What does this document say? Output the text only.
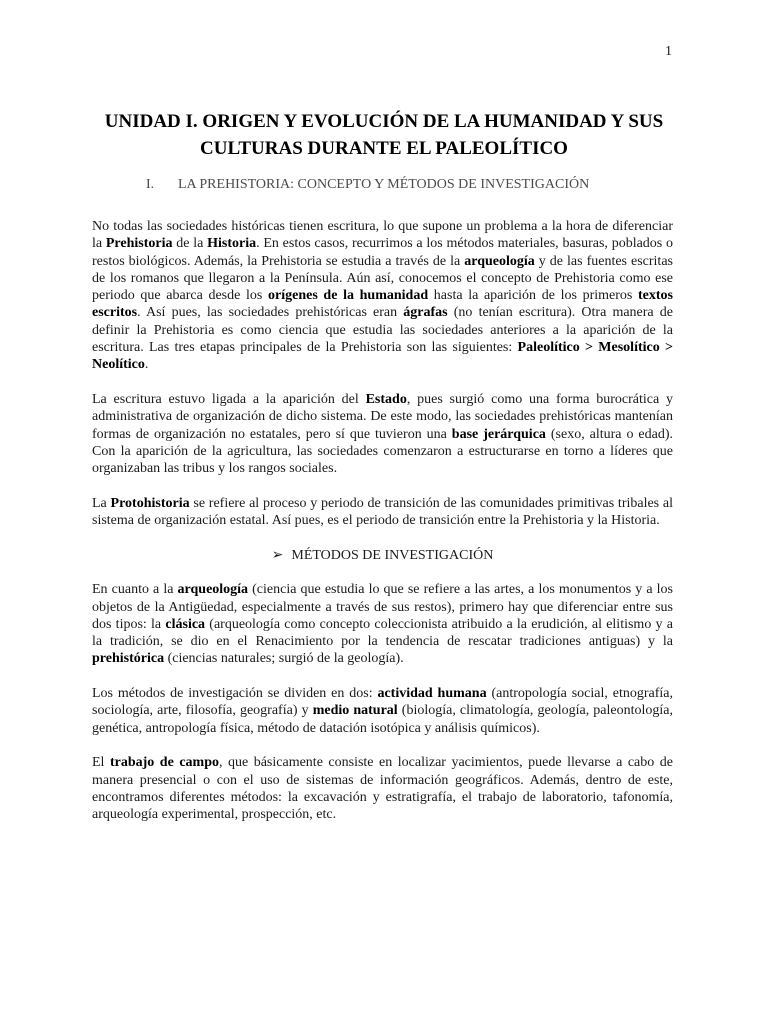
1
UNIDAD I. ORIGEN Y EVOLUCIÓN DE LA HUMANIDAD Y SUS CULTURAS DURANTE EL PALEOLÍTICO
I. LA PREHISTORIA: CONCEPTO Y MÉTODOS DE INVESTIGACIÓN

No todas las sociedades históricas tienen escritura, lo que supone un problema a la hora de diferenciar la Prehistoria de la Historia. En estos casos, recurrimos a los métodos materiales, basuras, poblados o restos biológicos. Además, la Prehistoria se estudia a través de la arqueología y de las fuentes escritas de los romanos que llegaron a la Península. Aún así, conocemos el concepto de Prehistoria como ese periodo que abarca desde los orígenes de la humanidad hasta la aparición de los primeros textos escritos. Así pues, las sociedades prehistóricas eran ágrafas (no tenían escritura). Otra manera de definir la Prehistoria es como ciencia que estudia las sociedades anteriores a la aparición de la escritura. Las tres etapas principales de la Prehistoria son las siguientes: Paleolítico > Mesolítico > Neolítico.

La escritura estuvo ligada a la aparición del Estado, pues surgió como una forma burocrática y administrativa de organización de dicho sistema. De este modo, las sociedades prehistóricas mantenían formas de organización no estatales, pero sí que tuvieron una base jerárquica (sexo, altura o edad). Con la aparición de la agricultura, las sociedades comenzaron a estructurarse en torno a líderes que organizaban las tribus y los rangos sociales.

La Protohistoria se refiere al proceso y periodo de transición de las comunidades primitivas tribales al sistema de organización estatal. Así pues, es el periodo de transición entre la Prehistoria y la Historia.

➢ MÉTODOS DE INVESTIGACIÓN

En cuanto a la arqueología (ciencia que estudia lo que se refiere a las artes, a los monumentos y a los objetos de la Antigüedad, especialmente a través de sus restos), primero hay que diferenciar entre sus dos tipos: la clásica (arqueología como concepto coleccionista atribuido a la erudición, al elitismo y a la tradición, se dio en el Renacimiento por la tendencia de rescatar tradiciones antiguas) y la prehistórica (ciencias naturales; surgió de la geología).

Los métodos de investigación se dividen en dos: actividad humana (antropología social, etnografía, sociología, arte, filosofía, geografía) y medio natural (biología, climatología, geología, paleontología, genética, antropología física, método de datación isotópica y análisis químicos).

El trabajo de campo, que básicamente consiste en localizar yacimientos, puede llevarse a cabo de manera presencial o con el uso de sistemas de información geográficos. Además, dentro de este, encontramos diferentes métodos: la excavación y estratigrafía, el trabajo de laboratorio, tafonomía, arqueología experimental, prospección, etc.
